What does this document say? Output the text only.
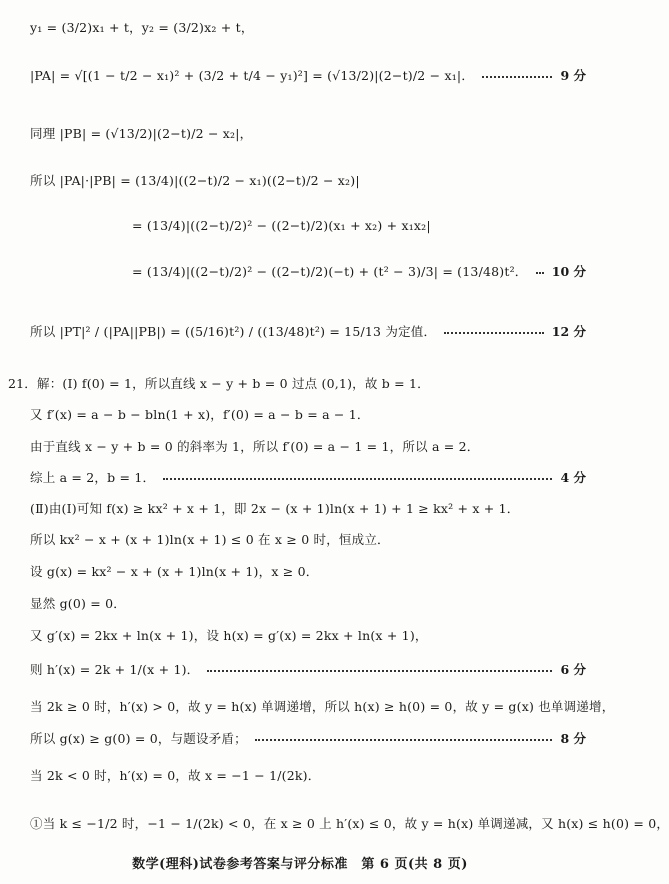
y₁ = (3/2)x₁ + t，y₂ = (3/2)x₂ + t，
|PA| = √[(1 − t/2 − x₁)² + (3/2 + t/4 − y₁)²] = (√13/2)|(2−t)/2 − x₁|．	9 分
同理 |PB| = (√13/2)|(2−t)/2 − x₂|，
所以 |PA|·|PB| = (13/4)|((2−t)/2 − x₁)((2−t)/2 − x₂)|
= (13/4)|((2−t)/2)² − ((2−t)/2)(x₁ + x₂) + x₁x₂|
= (13/4)|((2−t)/2)² − ((2−t)/2)(−t) + (t² − 3)/3| = (13/48)t²． 10 分
所以 |PT|² / (|PA||PB|) = ((5/16)t²) / ((13/48)t²) = 15/13 为定值．	12 分
21．解：(Ⅰ) f(0) = 1，所以直线 x − y + b = 0 过点 (0,1)，故 b = 1．
又 f′(x) = a − b − bln(1 + x)，f′(0) = a − b = a − 1．
由于直线 x − y + b = 0 的斜率为 1，所以 f′(0) = a − 1 = 1，所以 a = 2．
综上 a = 2，b = 1．	4 分
(Ⅱ)由(Ⅰ)可知 f(x) ≥ kx² + x + 1，即 2x − (x + 1)ln(x + 1) + 1 ≥ kx² + x + 1．
所以 kx² − x + (x + 1)ln(x + 1) ≤ 0 在 x ≥ 0 时，恒成立．
设 g(x) = kx² − x + (x + 1)ln(x + 1)，x ≥ 0．
显然 g(0) = 0．
又 g′(x) = 2kx + ln(x + 1)，设 h(x) = g′(x) = 2kx + ln(x + 1)，
则 h′(x) = 2k + 1/(x + 1)．	6 分
当 2k ≥ 0 时，h′(x) > 0，故 y = h(x) 单调递增，所以 h(x) ≥ h(0) = 0，故 y = g(x) 也单调递增，
所以 g(x) ≥ g(0) = 0，与题设矛盾；	8 分
当 2k < 0 时，h′(x) = 0，故 x = −1 − 1/(2k)．
①当 k ≤ −1/2 时，−1 − 1/(2k) < 0，在 x ≥ 0 上 h′(x) ≤ 0，故 y = h(x) 单调递减，又 h(x) ≤ h(0) = 0，
数学(理科)试卷参考答案与评分标准　第 6 页(共 8 页)
